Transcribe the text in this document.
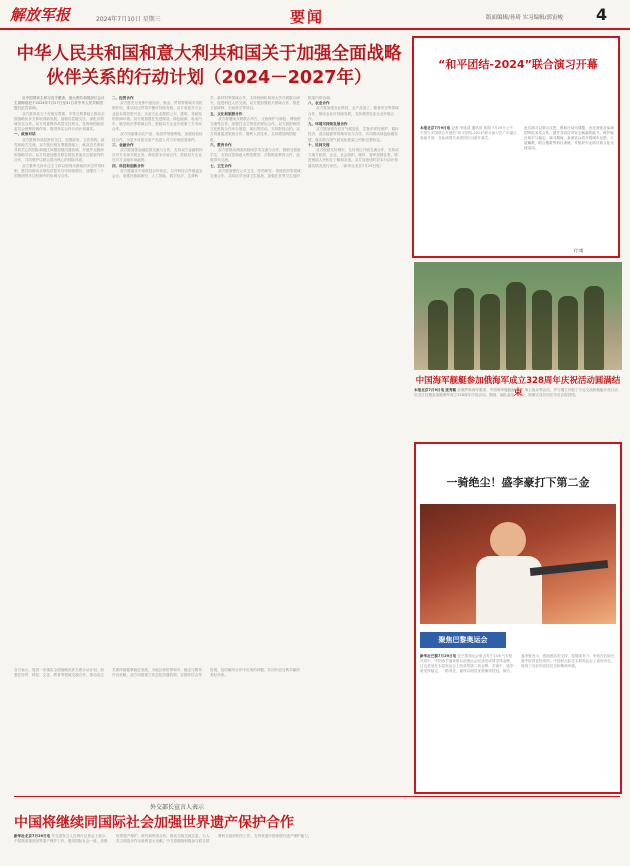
解放军报	2024年7月10日 星期三	要闻	版面编辑/孙琦 实习编辑/郭寅峻 4
中华人民共和国和意大利共和国关于加强全面战略伙伴关系的行动计划（2024－2027年）

应中国国家主席习近平邀请，意大利共和国部长会议主席梅洛尼于2024年7月27日至31日对中华人民共和国进行正式访问。

双方重申致力于在相互尊重、平等互利基础上推动全面战略伙伴关系取得新发展，加强各层级交往，深化各领域务实合作。双方同意保持高层交往势头，发挥两国政府委员会统筹协调作用，推进务实合作行动计划落实。

一、政治对话

双方愿保持高层密切交往，加强政府、立法机构、政党和地方交流。双方愿在相互尊重基础上，就双边关系和共同关心的国际和地区问题加强沟通协调，开展外交磋商和战略对话。双方同意加强在联合国及其他多边框架内的合作，共同维护以联合国为核心的国际体系。

双方重申支持多边主义和以规则为基础的多边贸易体制，愿共同推动全球经济复苏与可持续增长，加强在二十国集团等多边机制中的协调与合作。

二、经贸合作

双方愿充分发挥中意经济、财金、贸易等领域对话机制作用，推动双边贸易平衡可持续发展。双方欢迎对方企业赴本国投资兴业，为双方企业提供公平、透明、非歧视的营商环境。双方愿加强在先进制造、绿色能源、电动汽车、航空航天等领域合作，鼓励双方企业开展第三方市场合作。

双方同意推动农产品、食品贸易便利化，加强检验检疫合作，为更多优质农食产品进入对方市场创造条件。

三、金融合作

双方愿加强金融监管交流与合作，支持双方金融机构在对方市场开展业务，深化资本市场合作，鼓励双方企业在对方金融市场融资。

四、科技和创新合作

双方愿落实中意科技合作协定，召开科技合作联委会会议，加强在基础研究、人工智能、数字经济、生命科学、新材料等领域合作，支持科研机构和大学开展联合研究，促进科技人员交流。双方愿加强航天领域合作，推进卫星研制、空间科学等项目。

五、文化和旅游合作

双方将继续开展联合考古、文物保护与修复、博物馆交流等合作，加强打击文物非法贩运合作。双方鼓励两国文化机构合作举办展览、演出等活动，支持影视合拍。双方同意促进旅游合作，便利人员往来，支持增加两国航班。

六、教育合作

双方愿推动两国高校间学术交流与合作，鼓励互派留学生，支持汉语和意大利语教学，开展职业教育合作，加强青年交流。

七、卫生合作

双方愿加强在公共卫生、医药研发、传统医药等领域交流合作，共同应对全球卫生挑战，加强在世界卫生组织框架内的协调。

八、农业合作

双方愿加强农业科技、农产品加工、粮食安全等领域合作，推动农业可持续发展，支持两国农业企业开展合作。

九、环境可持续发展合作

双方愿加强在应对气候变化、生物多样性保护、循环经济、清洁能源等领域对话与合作，共同推动绿色低碳发展，落实联合国气候变化框架公约和巴黎协定。

十、民间交流

双方鼓励友好城市、友好省区开展交流合作，支持双方地方政府、企业、社会组织、媒体、智库加强往来，增进两国人民相互了解和友谊。双方同意适时对本行动计划落实情况进行评估。（新华社北京7月29日电）

“和平团结-2024”联合演习开幕
本报北京7月9日电 记者 李选清 通讯员 邓翔 7月29日上午，中国与多国联合开展的“和平团结-2024”联合演习在广东湛江某地开幕，各参演国代表团团长出席开幕式。
此次演习以联合反恐、维和行动为课题，旨在深化各参演国军队务实合作，提升共同应对安全威胁的能力，维护地区和平与稳定。演习期间，参演官兵将开展城市反恐、人质解救、联合搜救等科目训练，并组织专业研讨和文化交流活动。
付 晴
中国海军舰艇参加俄海军成立328周年庆祝活动圆满结束
本报北京7月9日电 张秀熙 应俄罗斯海军邀请，中国海军舰艇编队近日赴俄参加俄海军成立328周年庆祝活动。期间，编队参加了海上阅兵等活动，并与俄方开展了专业交流和舰艇开放日活动，圆满完成各项任务后启程回国。
一骑绝尘！盛李豪打下第二金
聚焦巴黎奥运会
新华社巴黎7月29日电 在巴黎奥运会射击男子10米气步枪决赛中，中国选手盛李豪以创奥运会纪录的成绩夺得金牌，这也是他在本届奥运会上收获的第二枚金牌。决赛中，盛李豪发挥稳定，一路领先，最终以明显优势摘得桂冠。赛后，盛李豪表示，感谢团队的支持，将继续努力，争取在后续比赛中取得更好成绩。中国射击队在本届奥运会上表现出色，展现了良好的竞技状态和精神风貌。
各方表示，将进一步落实全面战略伙伴关系行动计划，加强在经贸、科技、文化、教育等领域交流合作，推动双边关系持续健康稳定发展，为地区和世界和平、稳定与繁荣作出贡献。双方同意建立常态化沟通机制，定期评估合作进展，及时解决合作中出现的问题，共同开创互利共赢的美好未来。
外交部长宣言人表示
中国将继续同国际社会加强世界遗产保护合作
新华社北京7月29日电 外交部发言人在例行记者会上表示，中国高度重视世界遗产保护工作，愿同国际社会一道，加强世界遗产保护、研究和利用合作，推动文明交流互鉴，为人类文明进步作出新的更大贡献。中方将继续积极参与联合国教科文组织相关工作，支持发展中国家提升遗产保护能力。
